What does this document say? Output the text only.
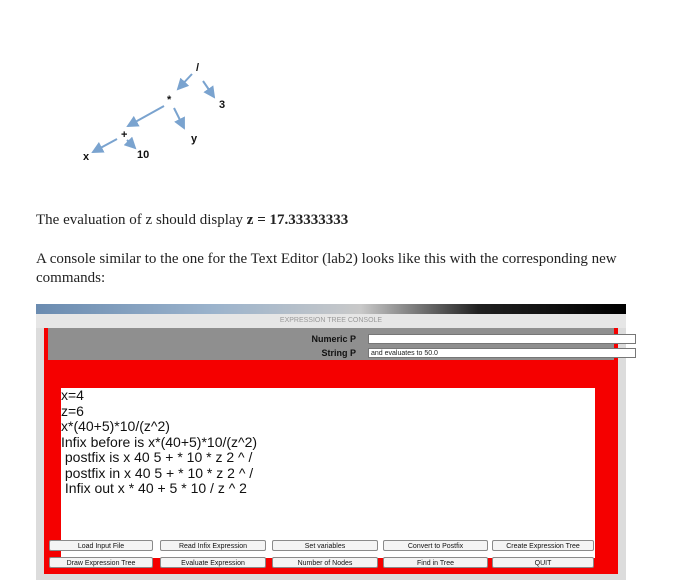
/
*	3
+	y
x	10
The evaluation of z should display z = 17.33333333
A console similar to the one for the Text Editor (lab2) looks like this with the corresponding new
commands:
EXPRESSION TREE CONSOLE
Numeric P
String P	and evaluates to 50.0
x=4
z=6
x*(40+5)*10/(z^2)
Infix before is x*(40+5)*10/(z^2)
postfix is x 40 5 + * 10 * z 2 ^ /
postfix in x 40 5 + * 10 * z 2 ^ /
Infix out x * 40 + 5 * 10 / z ^ 2
Load Input File	Read Infix Expression	Set variables	Convert to Postfix	Create Expression Tree
Draw Expression Tree	Evaluate Expression	Number of Nodes	Find in Tree	QUIT
